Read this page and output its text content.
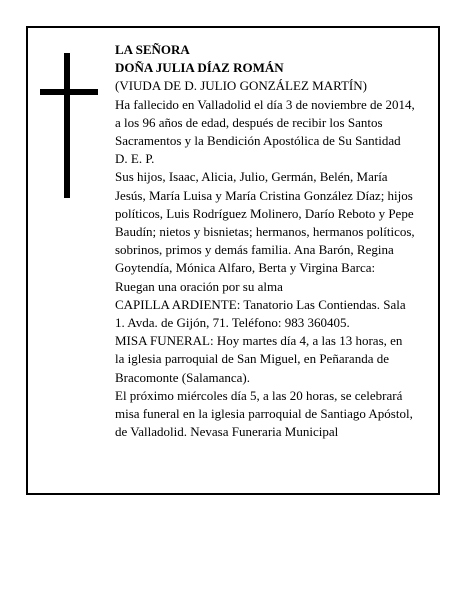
LA SEÑORA

DOÑA JULIA DÍAZ ROMÁN

(VIUDA DE D. JULIO GONZÁLEZ MARTÍN)

Ha fallecido en Valladolid el día 3 de noviembre de 2014, a los 96 años de edad, después de recibir los Santos Sacramentos y la Bendición Apostólica de Su Santidad

D. E. P.

Sus hijos, Isaac, Alicia, Julio, Germán, Belén, María Jesús, María Luisa y María Cristina González Díaz; hijos políticos, Luis Rodríguez Molinero, Darío Reboto y Pepe Baudín; nietos y bisnietas; hermanos, hermanos políticos, sobrinos, primos y demás familia. Ana Barón, Regina Goytendía, Mónica Alfaro, Berta y Virgina Barca:

Ruegan una oración por su alma

CAPILLA ARDIENTE: Tanatorio Las Contiendas. Sala 1. Avda. de Gijón, 71. Teléfono: 983 360405.

MISA FUNERAL: Hoy martes día 4, a las 13 horas, en la iglesia parroquial de San Miguel, en Peñaranda de Bracomonte (Salamanca).

El próximo miércoles día 5, a las 20 horas, se celebrará misa funeral en la iglesia parroquial de Santiago Apóstol, de Valladolid. Nevasa Funeraria Municipal
